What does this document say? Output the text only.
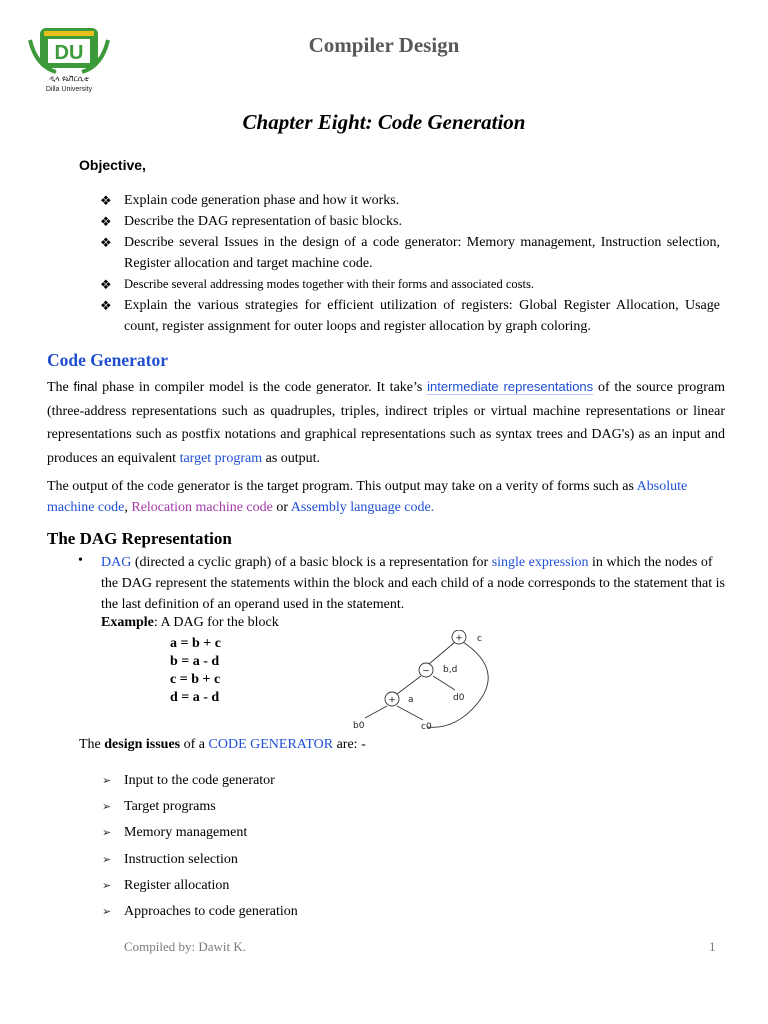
DU
ዲላ ዩኒቨርሲቲ
Dilla University
Compiler Design
Chapter Eight: Code Generation
Objective,
❖ Explain code generation phase and how it works.
❖ Describe the DAG representation of basic blocks.
❖ Describe several Issues in the design of a code generator: Memory management, Instruction selection, Register allocation and target machine code.
❖ Describe several addressing modes together with their forms and associated costs.
❖ Explain the various strategies for efficient utilization of registers: Global Register Allocation, Usage count, register assignment for outer loops and register allocation by graph coloring.
Code Generator
The final phase in compiler model is the code generator. It take’s intermediate representations of the source program (three-address representations such as quadruples, triples, indirect triples or virtual machine representations or linear representations such as postfix notations and graphical representations such as syntax trees and DAG's) as an input and produces an equivalent target program as output.
The output of the code generator is the target program. This output may take on a verity of forms such as Absolute machine code, Relocation machine code or Assembly language code.
The DAG Representation
• DAG (directed a cyclic graph) of a basic block is a representation for single expression in which the nodes of the DAG represent the statements within the block and each child of a node corresponds to the statement that is the last definition of an operand used in the statement.
Example: A DAG for the block
a = b + c
b = a - d
c = b + c
d = a - d
+ c
− b,d
+ a	d0
b0	c0
The design issues of a CODE GENERATOR are: -
➢ Input to the code generator
➢ Target programs
➢ Memory management
➢ Instruction selection
➢ Register allocation
➢ Approaches to code generation
Compiled by: Dawit K.	1
